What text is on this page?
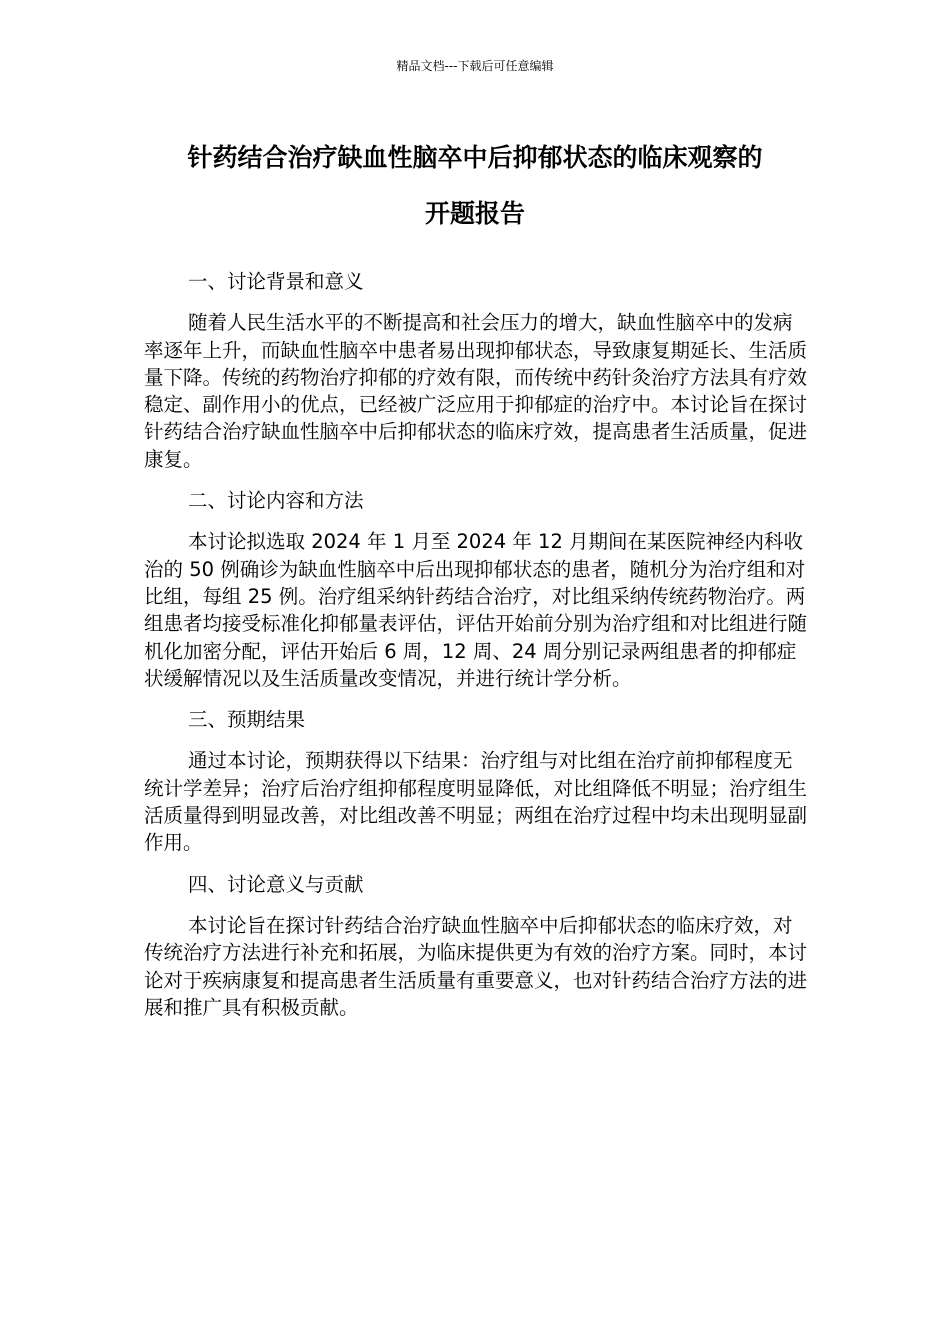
精品文档---下载后可任意编辑
针药结合治疗缺血性脑卒中后抑郁状态的临床观察的
开题报告

一、讨论背景和意义

随着人民生活水平的不断提高和社会压力的增大，缺血性脑卒中的发病率逐年上升，而缺血性脑卒中患者易出现抑郁状态，导致康复期延长、生活质量下降。传统的药物治疗抑郁的疗效有限，而传统中药针灸治疗方法具有疗效稳定、副作用小的优点，已经被广泛应用于抑郁症的治疗中。本讨论旨在探讨针药结合治疗缺血性脑卒中后抑郁状态的临床疗效，提高患者生活质量，促进康复。

二、讨论内容和方法

本讨论拟选取 2024 年 1 月至 2024 年 12 月期间在某医院神经内科收治的 50 例确诊为缺血性脑卒中后出现抑郁状态的患者，随机分为治疗组和对比组，每组 25 例。治疗组采纳针药结合治疗，对比组采纳传统药物治疗。两组患者均接受标准化抑郁量表评估，评估开始前分别为治疗组和对比组进行随机化加密分配，评估开始后 6 周，12 周、24 周分别记录两组患者的抑郁症状缓解情况以及生活质量改变情况，并进行统计学分析。

三、预期结果

通过本讨论，预期获得以下结果：治疗组与对比组在治疗前抑郁程度无统计学差异；治疗后治疗组抑郁程度明显降低，对比组降低不明显；治疗组生活质量得到明显改善，对比组改善不明显；两组在治疗过程中均未出现明显副作用。

四、讨论意义与贡献

本讨论旨在探讨针药结合治疗缺血性脑卒中后抑郁状态的临床疗效，对传统治疗方法进行补充和拓展，为临床提供更为有效的治疗方案。同时，本讨论对于疾病康复和提高患者生活质量有重要意义，也对针药结合治疗方法的进展和推广具有积极贡献。
